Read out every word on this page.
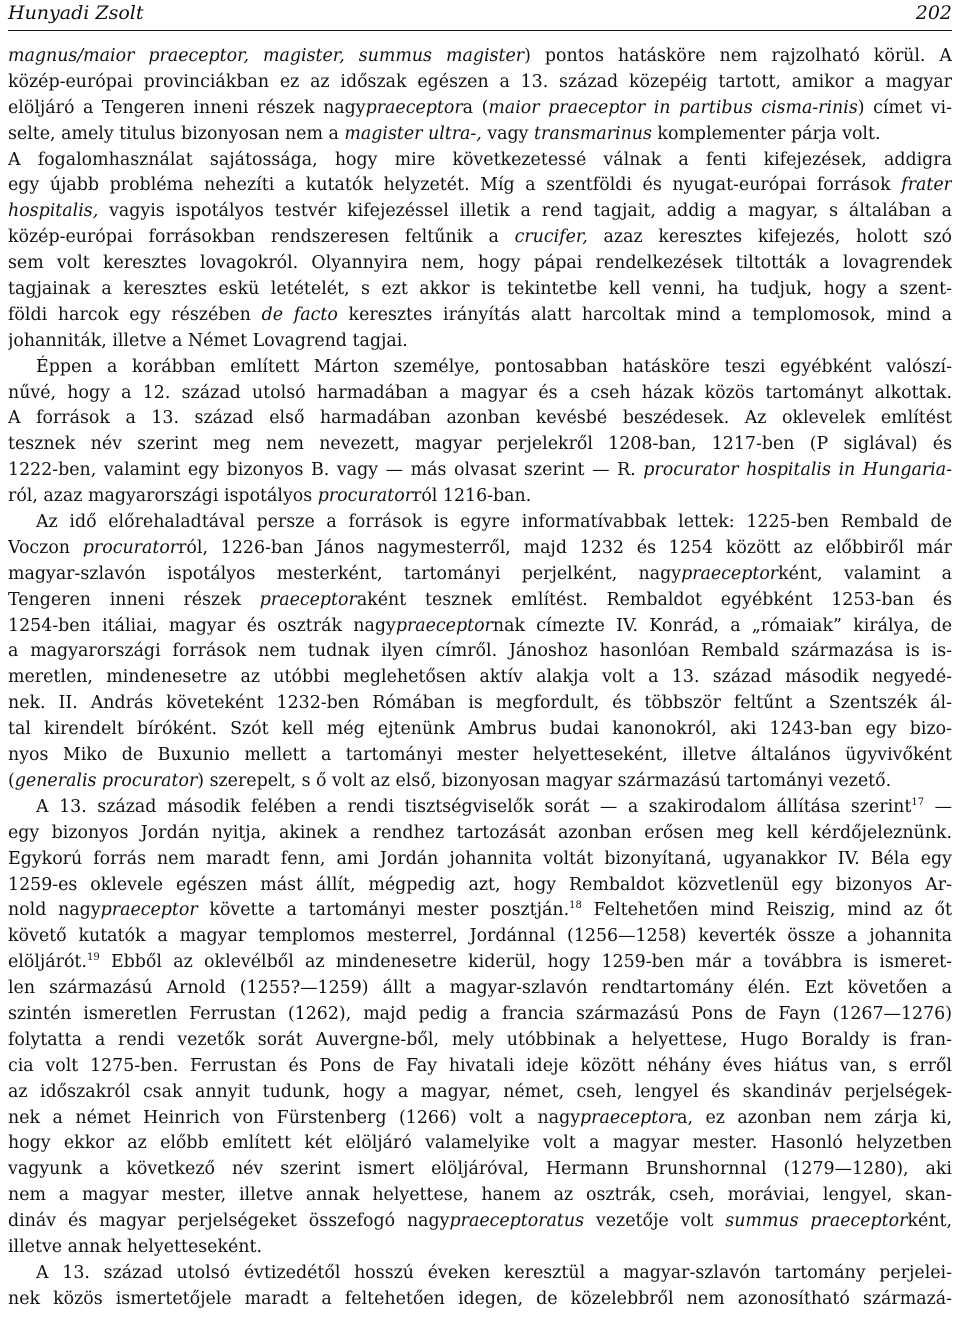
Hunyadi Zsolt	202
magnus/maior praeceptor, magister, summus magister) pontos hatásköre nem rajzolható körül. A
közép-európai provinciákban ez az időszak egészen a 13. század közepéig tartott, amikor a magyar
elöljáró a Tengeren inneni részek nagypraeceptora (maior praeceptor in partibus cisma-rinis) címet vi-
selte, amely titulus bizonyosan nem a magister ultra-, vagy transmarinus komplementer párja volt.
A fogalomhasználat sajátossága, hogy mire következetessé válnak a fenti kifejezések, addigra
egy újabb probléma nehezíti a kutatók helyzetét. Míg a szentföldi és nyugat-európai források frater
hospitalis, vagyis ispotályos testvér kifejezéssel illetik a rend tagjait, addig a magyar, s általában a
közép-európai forrásokban rendszeresen feltűnik a crucifer, azaz keresztes kifejezés, holott szó
sem volt keresztes lovagokról. Olyannyira nem, hogy pápai rendelkezések tiltották a lovagrendek
tagjainak a keresztes eskü letételét, s ezt akkor is tekintetbe kell venni, ha tudjuk, hogy a szent-
földi harcok egy részében de facto keresztes irányítás alatt harcoltak mind a templomosok, mind a
johanniták, illetve a Német Lovagrend tagjai.
Éppen a korábban említett Márton személye, pontosabban hatásköre teszi egyébként valószí-
nűvé, hogy a 12. század utolsó harmadában a magyar és a cseh házak közös tartományt alkottak.
A források a 13. század első harmadában azonban kevésbé beszédesek. Az oklevelek említést
tesznek név szerint meg nem nevezett, magyar perjelekről 1208-ban, 1217-ben (P siglával) és
1222-ben, valamint egy bizonyos B. vagy — más olvasat szerint — R. procurator hospitalis in Hungaria-
ról, azaz magyarországi ispotályos procuratorról 1216-ban.
Az idő előrehaladtával persze a források is egyre informatívabbak lettek: 1225-ben Rembald de
Voczon procuratorról, 1226-ban János nagymesterről, majd 1232 és 1254 között az előbbiről már
magyar-szlavón ispotályos mesterként, tartományi perjelként, nagypraeceptorként, valamint a
Tengeren inneni részek praeceptoraként tesznek említést. Rembaldot egyébként 1253-ban és
1254-ben itáliai, magyar és osztrák nagypraeceptornak címezte IV. Konrád, a „rómaiak” királya, de
a magyarországi források nem tudnak ilyen címről. Jánoshoz hasonlóan Rembald származása is is-
meretlen, mindenesetre az utóbbi meglehetősen aktív alakja volt a 13. század második negyedé-
nek. II. András követeként 1232-ben Rómában is megfordult, és többször feltűnt a Szentszék ál-
tal kirendelt bíróként. Szót kell még ejtenünk Ambrus budai kanonokról, aki 1243-ban egy bizo-
nyos Miko de Buxunio mellett a tartományi mester helyetteseként, illetve általános ügyvivőként
(generalis procurator) szerepelt, s ő volt az első, bizonyosan magyar származású tartományi vezető.
A 13. század második felében a rendi tisztségviselők sorát — a szakirodalom állítása szerint$^{17}$ —
egy bizonyos Jordán nyitja, akinek a rendhez tartozását azonban erősen meg kell kérdőjeleznünk.
Egykorú forrás nem maradt fenn, ami Jordán johannita voltát bizonyítaná, ugyanakkor IV. Béla egy
1259-es oklevele egészen mást állít, mégpedig azt, hogy Rembaldot közvetlenül egy bizonyos Ar-
nold nagypraeceptor követte a tartományi mester posztján.$^{18}$ Feltehetően mind Reiszig, mind az őt
követő kutatók a magyar templomos mesterrel, Jordánnal (1256—1258) keverték össze a johannita
elöljárót.$^{19}$ Ebből az oklevélből az mindenesetre kiderül, hogy 1259-ben már a továbbra is ismeret-
len származású Arnold (1255?—1259) állt a magyar-szlavón rendtartomány élén. Ezt követően a
szintén ismeretlen Ferrustan (1262), majd pedig a francia származású Pons de Fayn (1267—1276)
folytatta a rendi vezetők sorát Auvergne-ből, mely utóbbinak a helyettese, Hugo Boraldy is fran-
cia volt 1275-ben. Ferrustan és Pons de Fay hivatali ideje között néhány éves hiátus van, s erről
az időszakról csak annyit tudunk, hogy a magyar, német, cseh, lengyel és skandináv perjelségek-
nek a német Heinrich von Fürstenberg (1266) volt a nagypraeceptora, ez azonban nem zárja ki,
hogy ekkor az előbb említett két elöljáró valamelyike volt a magyar mester. Hasonló helyzetben
vagyunk a következő név szerint ismert elöljáróval, Hermann Brunshornnal (1279—1280), aki
nem a magyar mester, illetve annak helyettese, hanem az osztrák, cseh, moráviai, lengyel, skan-
dináv és magyar perjelségeket összefogó nagypraeceptoratus vezetője volt summus praeceptorként,
illetve annak helyetteseként.
A 13. század utolsó évtizedétől hosszú éveken keresztül a magyar-szlavón tartomány perjelei-
nek közös ismertetőjele maradt a feltehetően idegen, de közelebbről nem azonosítható származá-
